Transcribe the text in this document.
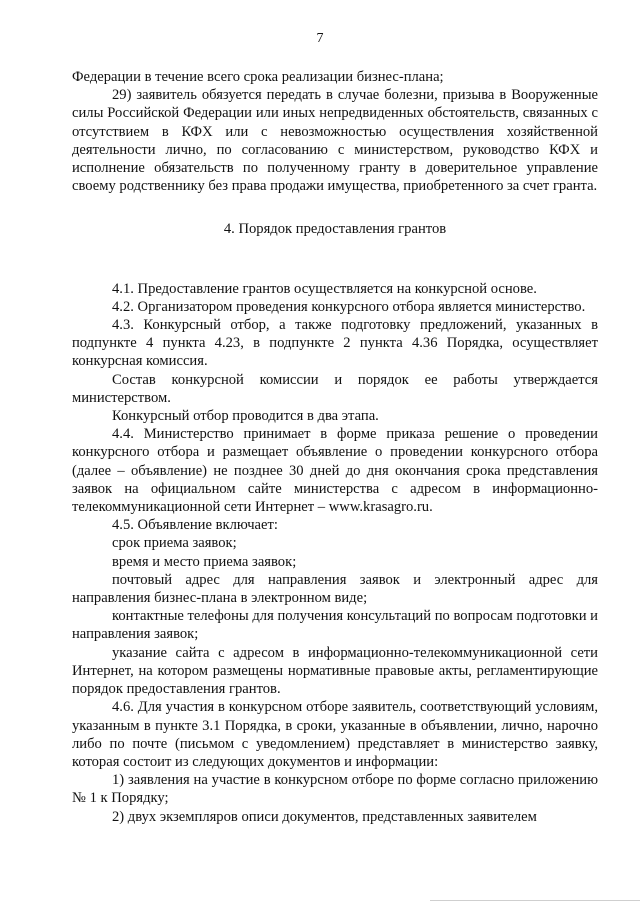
7

Федерации в течение всего срока реализации бизнес-плана;

29) заявитель обязуется передать в случае болезни, призыва в Вооруженные силы Российской Федерации или иных непредвиденных обстоятельств, связанных с отсутствием в КФХ или с невозможностью осуществления хозяйственной деятельности лично, по согласованию с министерством, руководство КФХ и исполнение обязательств по полученному гранту в доверительное управление своему родственнику без права продажи имущества, приобретенного за счет гранта.

4. Порядок предоставления грантов

4.1. Предоставление грантов осуществляется на конкурсной основе.

4.2. Организатором проведения конкурсного отбора является министерство.

4.3. Конкурсный отбор, а также подготовку предложений, указанных в подпункте 4 пункта 4.23, в подпункте 2 пункта 4.36 Порядка, осуществляет конкурсная комиссия.

Состав конкурсной комиссии и порядок ее работы утверждается министерством.

Конкурсный отбор проводится в два этапа.

4.4. Министерство принимает в форме приказа решение о проведении конкурсного отбора и размещает объявление о проведении конкурсного отбора (далее – объявление) не позднее 30 дней до дня окончания срока представления заявок на официальном сайте министерства с адресом в информационно-телекоммуникационной сети Интернет – www.krasagro.ru.

4.5. Объявление включает:

срок приема заявок;

время и место приема заявок;

почтовый адрес для направления заявок и электронный адрес для направления бизнес-плана в электронном виде;

контактные телефоны для получения консультаций по вопросам подготовки и направления заявок;

указание сайта с адресом в информационно-телекоммуникационной сети Интернет, на котором размещены нормативные правовые акты, регламентирующие порядок предоставления грантов.

4.6. Для участия в конкурсном отборе заявитель, соответствующий условиям, указанным в пункте 3.1 Порядка, в сроки, указанные в объявлении, лично, нарочно либо по почте (письмом с уведомлением) представляет в министерство заявку, которая состоит из следующих документов и информации:

1) заявления на участие в конкурсном отборе по форме согласно приложению № 1 к Порядку;

2) двух экземпляров описи документов, представленных заявителем
